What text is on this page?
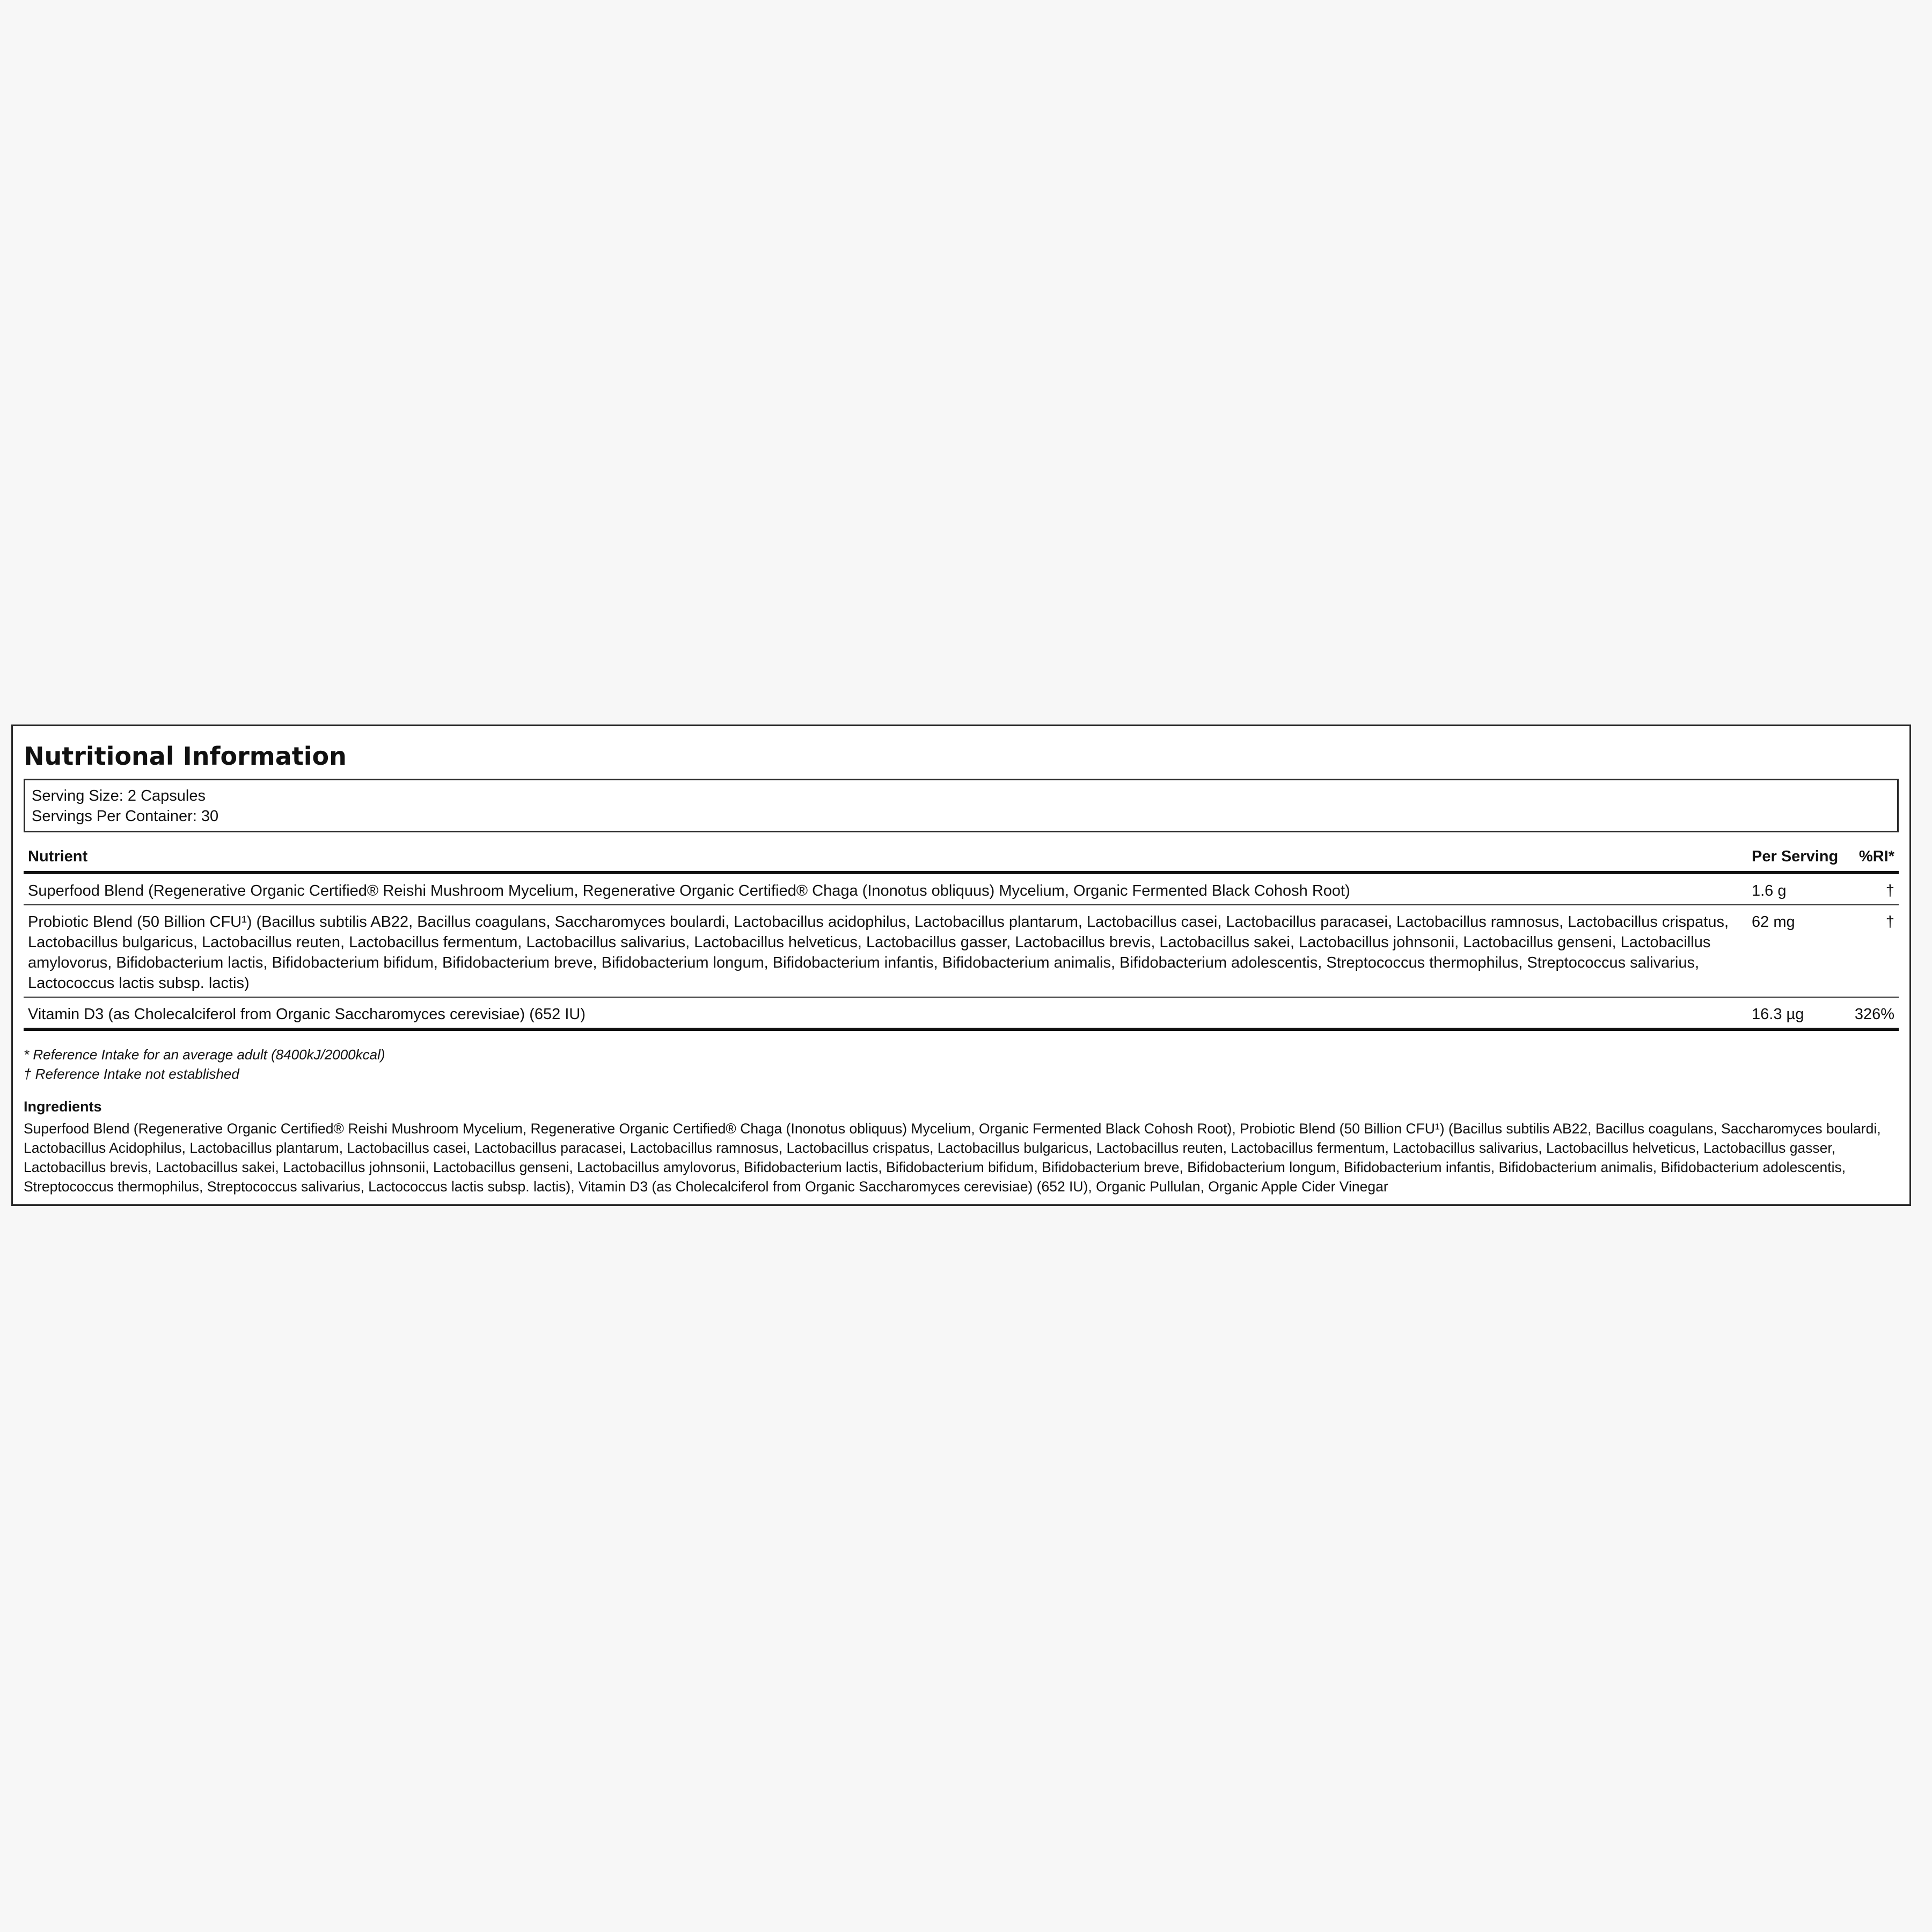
Nutritional Information
Serving Size: 2 Capsules
Servings Per Container: 30
Nutrient	Per Serving	%RI*
Superfood Blend (Regenerative Organic Certified® Reishi Mushroom Mycelium, Regenerative Organic Certified® Chaga (Inonotus obliquus) Mycelium, Organic Fermented Black Cohosh Root)	1.6 g	†
Probiotic Blend (50 Billion CFU¹) (Bacillus subtilis AB22, Bacillus coagulans, Saccharomyces boulardi, Lactobacillus acidophilus, Lactobacillus plantarum, Lactobacillus casei, Lactobacillus paracasei, Lactobacillus ramnosus, Lactobacillus crispatus, Lactobacillus bulgaricus, Lactobacillus reuten, Lactobacillus fermentum, Lactobacillus salivarius, Lactobacillus helveticus, Lactobacillus gasser, Lactobacillus brevis, Lactobacillus sakei, Lactobacillus johnsonii, Lactobacillus genseni, Lactobacillus amylovorus, Bifidobacterium lactis, Bifidobacterium bifidum, Bifidobacterium breve, Bifidobacterium longum, Bifidobacterium infantis, Bifidobacterium animalis, Bifidobacterium adolescentis, Streptococcus thermophilus, Streptococcus salivarius, Lactococcus lactis subsp. lactis)	62 mg	†
Vitamin D3 (as Cholecalciferol from Organic Saccharomyces cerevisiae) (652 IU)	16.3 µg	326%
* Reference Intake for an average adult (8400kJ/2000kcal)
† Reference Intake not established
Ingredients
Superfood Blend (Regenerative Organic Certified® Reishi Mushroom Mycelium, Regenerative Organic Certified® Chaga (Inonotus obliquus) Mycelium, Organic Fermented Black Cohosh Root), Probiotic Blend (50 Billion CFU¹) (Bacillus subtilis AB22, Bacillus coagulans, Saccharomyces boulardi, Lactobacillus Acidophilus, Lactobacillus plantarum, Lactobacillus casei, Lactobacillus paracasei, Lactobacillus ramnosus, Lactobacillus crispatus, Lactobacillus bulgaricus, Lactobacillus reuten, Lactobacillus fermentum, Lactobacillus salivarius, Lactobacillus helveticus, Lactobacillus gasser, Lactobacillus brevis, Lactobacillus sakei, Lactobacillus johnsonii, Lactobacillus genseni, Lactobacillus amylovorus, Bifidobacterium lactis, Bifidobacterium bifidum, Bifidobacterium breve, Bifidobacterium longum, Bifidobacterium infantis, Bifidobacterium animalis, Bifidobacterium adolescentis, Streptococcus thermophilus, Streptococcus salivarius, Lactococcus lactis subsp. lactis), Vitamin D3 (as Cholecalciferol from Organic Saccharomyces cerevisiae) (652 IU), Organic Pullulan, Organic Apple Cider Vinegar
